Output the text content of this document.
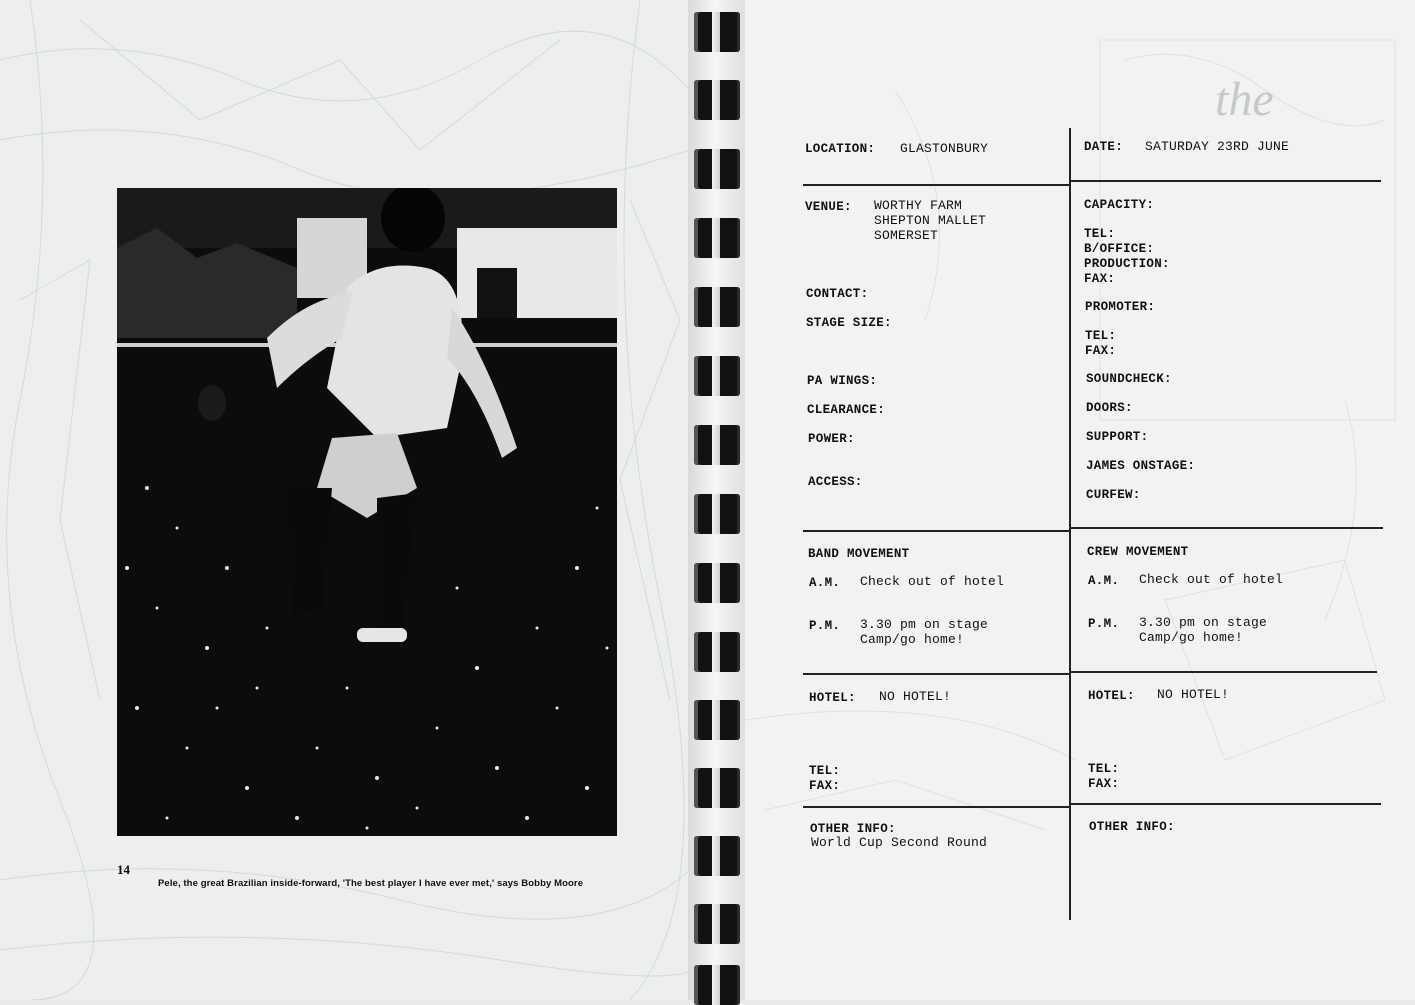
14
Pele, the great Brazilian inside-forward, 'The best player I have ever met,' says Bobby Moore
the
LOCATION: GLASTONBURY	DATE: SATURDAY 23RD JUNE
VENUE: WORTHY FARM
SHEPTON MALLET
SOMERSET
CONTACT:
STAGE SIZE:
PA WINGS:
CLEARANCE:
POWER:
ACCESS:
CAPACITY:
TEL:
B/OFFICE:
PRODUCTION:
FAX:
PROMOTER:
TEL:
FAX:
SOUNDCHECK:
DOORS:
SUPPORT:
JAMES ONSTAGE:
CURFEW:
BAND MOVEMENT
A.M. Check out of hotel
P.M. 3.30 pm on stage
Camp/go home!
CREW MOVEMENT
A.M. Check out of hotel
P.M. 3.30 pm on stage
Camp/go home!
HOTEL: NO HOTEL!
TEL:
FAX:
HOTEL: NO HOTEL!
TEL:
FAX:
OTHER INFO:
World Cup Second Round
OTHER INFO:
